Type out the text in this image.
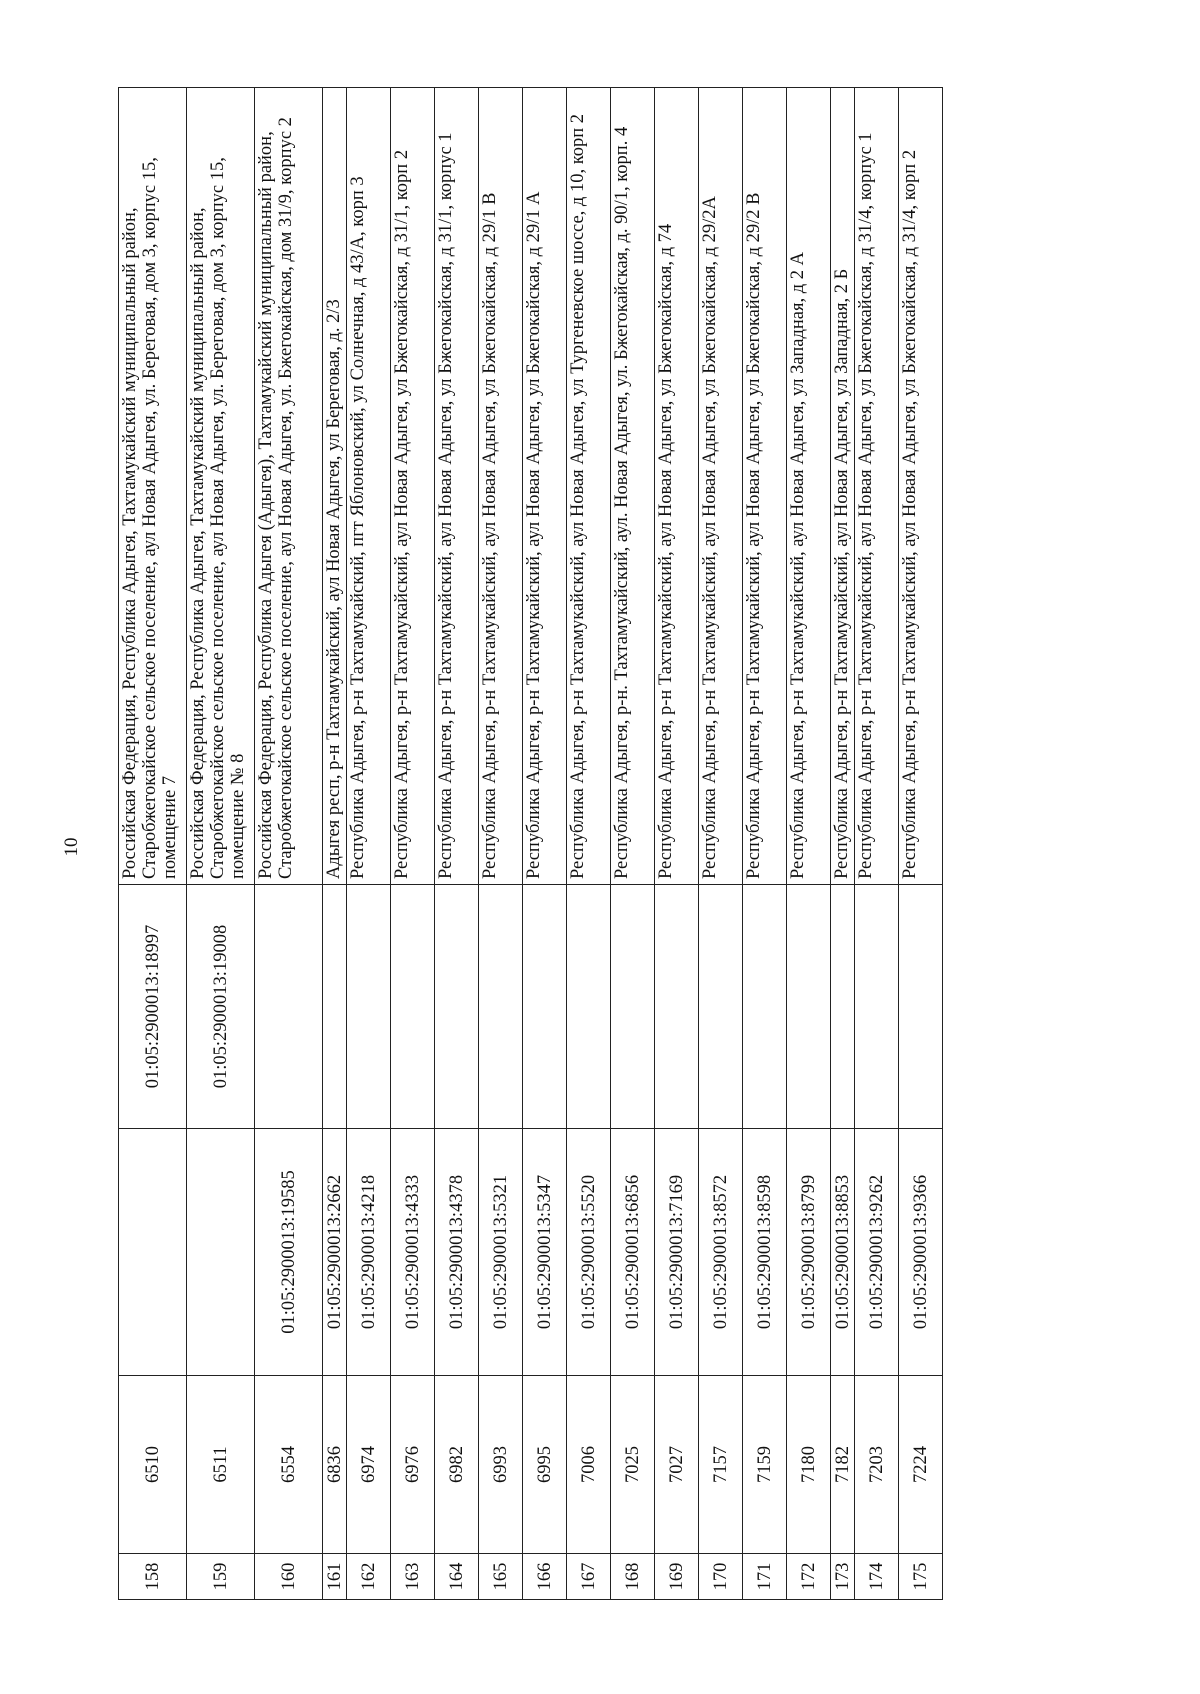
10
158	6510		01:05:2900013:18997	Российская Федерация, Республика Адыгея, Тахтамукайский муниципальный район, Старобжегокайское сельское поселение, аул Новая Адыгея, ул. Береговая, дом 3, корпус 15, помещение 7
159	6511		01:05:2900013:19008	Российская Федерация, Республика Адыгея, Тахтамукайский муниципальный район, Старобжегокайское сельское поселение, аул Новая Адыгея, ул. Береговая, дом 3, корпус 15, помещение № 8
160	6554	01:05:2900013:19585		Российская Федерация, Республика Адыгея (Адыгея), Тахтамукайский муниципальный район, Старобжегокайское сельское поселение, аул Новая Адыгея, ул. Бжегокайская, дом 31/9, корпус 2
161	6836	01:05:2900013:2662		Адыгея респ, р-н Тахтамукайский, аул Новая Адыгея, ул Береговая, д. 2/3
162	6974	01:05:2900013:4218		Республика Адыгея, р-н Тахтамукайский, пгт Яблоновский, ул Солнечная, д 43/А, корп 3
163	6976	01:05:2900013:4333		Республика Адыгея, р-н Тахтамукайский, аул Новая Адыгея, ул Бжегокайская, д 31/1, корп 2
164	6982	01:05:2900013:4378		Республика Адыгея, р-н Тахтамукайский, аул Новая Адыгея, ул Бжегокайская, д 31/1, корпус 1
165	6993	01:05:2900013:5321		Республика Адыгея, р-н Тахтамукайский, аул Новая Адыгея, ул Бжегокайская, д 29/1 В
166	6995	01:05:2900013:5347		Республика Адыгея, р-н Тахтамукайский, аул Новая Адыгея, ул Бжегокайская, д 29/1 А
167	7006	01:05:2900013:5520		Республика Адыгея, р-н Тахтамукайский, аул Новая Адыгея, ул Тургеневское шоссе, д 10, корп 2
168	7025	01:05:2900013:6856		Республика Адыгея, р-н. Тахтамукайский, аул. Новая Адыгея, ул. Бжегокайская, д. 90/1, корп. 4
169	7027	01:05:2900013:7169		Республика Адыгея, р-н Тахтамукайский, аул Новая Адыгея, ул Бжегокайская, д 74
170	7157	01:05:2900013:8572		Республика Адыгея, р-н Тахтамукайский, аул Новая Адыгея, ул Бжегокайская, д 29/2А
171	7159	01:05:2900013:8598		Республика Адыгея, р-н Тахтамукайский, аул Новая Адыгея, ул Бжегокайская, д 29/2 В
172	7180	01:05:2900013:8799		Республика Адыгея, р-н Тахтамукайский, аул Новая Адыгея, ул Западная, д 2 А
173	7182	01:05:2900013:8853		Республика Адыгея, р-н Тахтамукайский, аул Новая Адыгея, ул Западная, 2 Б
174	7203	01:05:2900013:9262		Республика Адыгея, р-н Тахтамукайский, аул Новая Адыгея, ул Бжегокайская, д 31/4, корпус 1
175	7224	01:05:2900013:9366		Республика Адыгея, р-н Тахтамукайский, аул Новая Адыгея, ул Бжегокайская, д 31/4, корп 2
